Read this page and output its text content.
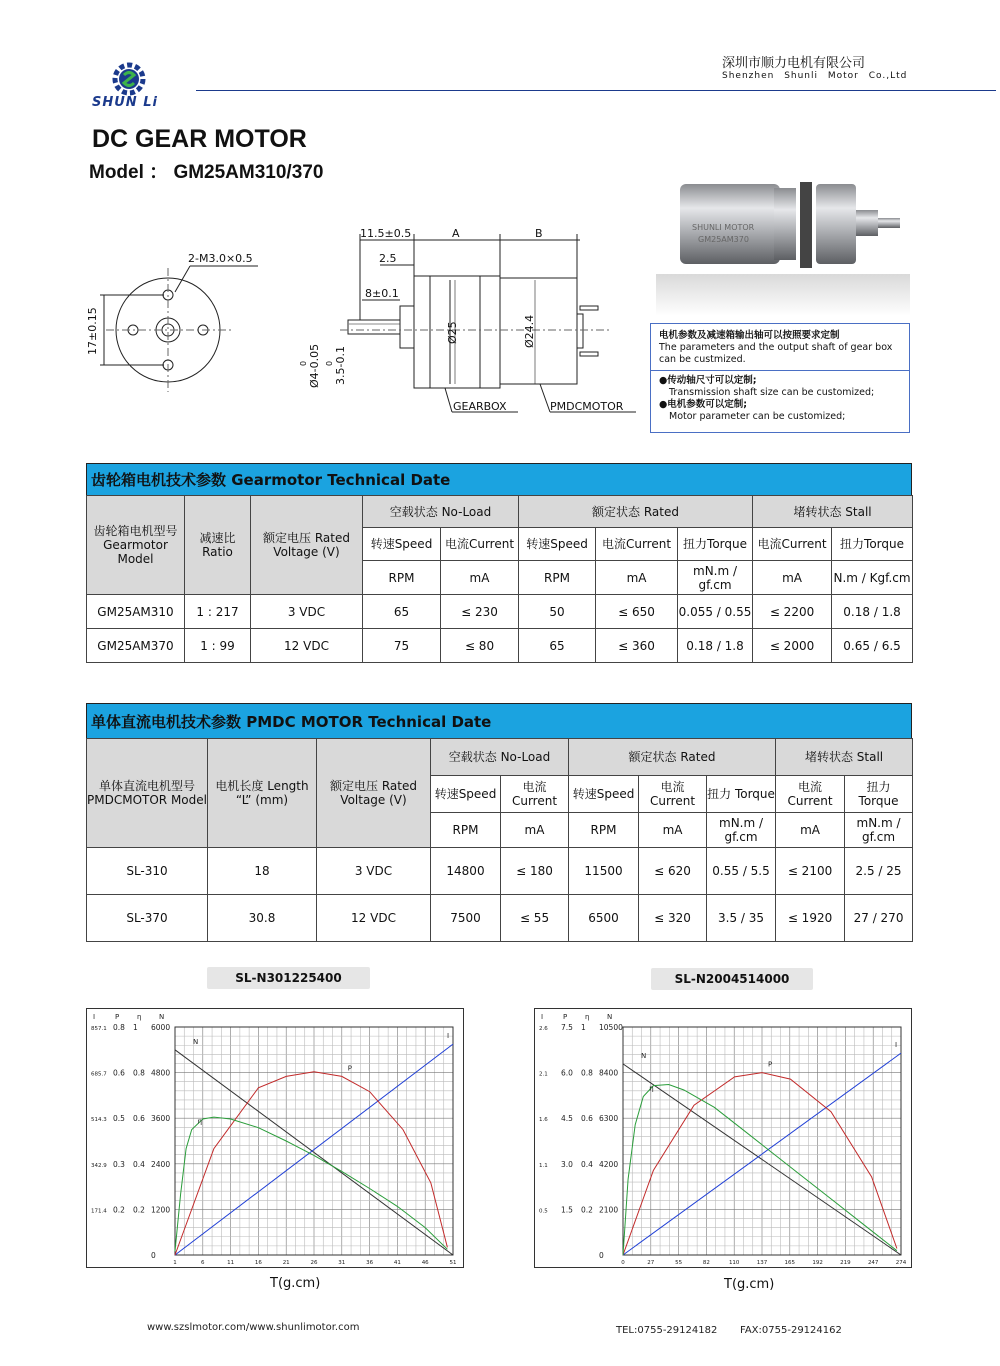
SHUN Li
深圳市顺力电机有限公司
Shenzhen Shunli Motor Co.,Ltd
DC GEAR MOTOR
Model ： GM25AM310/370
2-M3.0×0.5
17±0.15
11.5±0.5	A	B
2.5
8±0.1
Ø25	Ø24.4
Ø4-0.05
0 3.5-0.1
0
GEARBOX	PMDCMOTOR
SHUNLI MOTOR
GM25AM370
电机参数及减速箱输出轴可以按照要求定制
The parameters and the output shaft of gear box can be custmized.
●传动轴尺寸可以定制;
Transmission shaft size can be customized;
●电机参数可以定制;
Motor parameter can be customized;
齿轮箱电机技术参数 Gearmotor Technical Date
齿轮箱电机型号 Gearmotor Model	减速比 Ratio	额定电压 Rated Voltage (V)	空载状态 No-Load		额定状态 Rated			堵转状态 Stall	
			转速Speed	电流Current	转速Speed	电流Current	扭力Torque	电流Current	扭力Torque
			RPM	mA	RPM	mA	mN.m / gf.cm	mA	N.m / Kgf.cm
GM25AM310	1 : 217	3 VDC	65	≤ 230	50	≤ 650	0.055 / 0.55	≤ 2200	0.18 / 1.8
GM25AM370	1 : 99	12 VDC	75	≤ 80	65	≤ 360	0.18 / 1.8	≤ 2000	0.65 / 6.5
单体直流电机技术参数 PMDC MOTOR Technical Date
单体直流电机型号 PMDCMOTOR Model	电机长度 Length “L” (mm)	额定电压 Rated Voltage (V)	空载状态 No-Load		额定状态 Rated			堵转状态 Stall	
			转速Speed	电流 Current	转速Speed	电流 Current	扭力 Torque	电流 Current	扭力 Torque
			RPM	mA	RPM	mA	mN.m / gf.cm	mA	mN.m / gf.cm
SL-310	18	3 VDC	14800	≤ 180	11500	≤ 620	0.55 / 5.5	≤ 2100	2.5 / 25
SL-370	30.8	12 VDC	7500	≤ 55	6500	≤ 320	3.5 / 35	≤ 1920	27 / 270
SL-N301225400	SL-N2004514000
I	P	η	N
857.1
685.7
514.3
342.9
171.4
0.8
0.6
0.5
0.3
0.2
1
0.8
0.6
0.4
0.2
6000
4800
3600
2400
1200
0
1	6	11	16	21	26	31	36	41	46	51
N
I
P
η
I	P	η	N
2.6
2.1
1.6
1.1
0.5
7.5
6.0
4.5
3.0
1.5
1
0.8
0.6
0.4
0.2
10500
8400
6300
4200
2100
0
0	27	55	82	110	137	165	192	219	247	274
N
I
P
η
T(g.cm)	T(g.cm)
www.szslmotor.com/www.shunlimotor.com	TEL:0755-29124182 FAX:0755-29124162
